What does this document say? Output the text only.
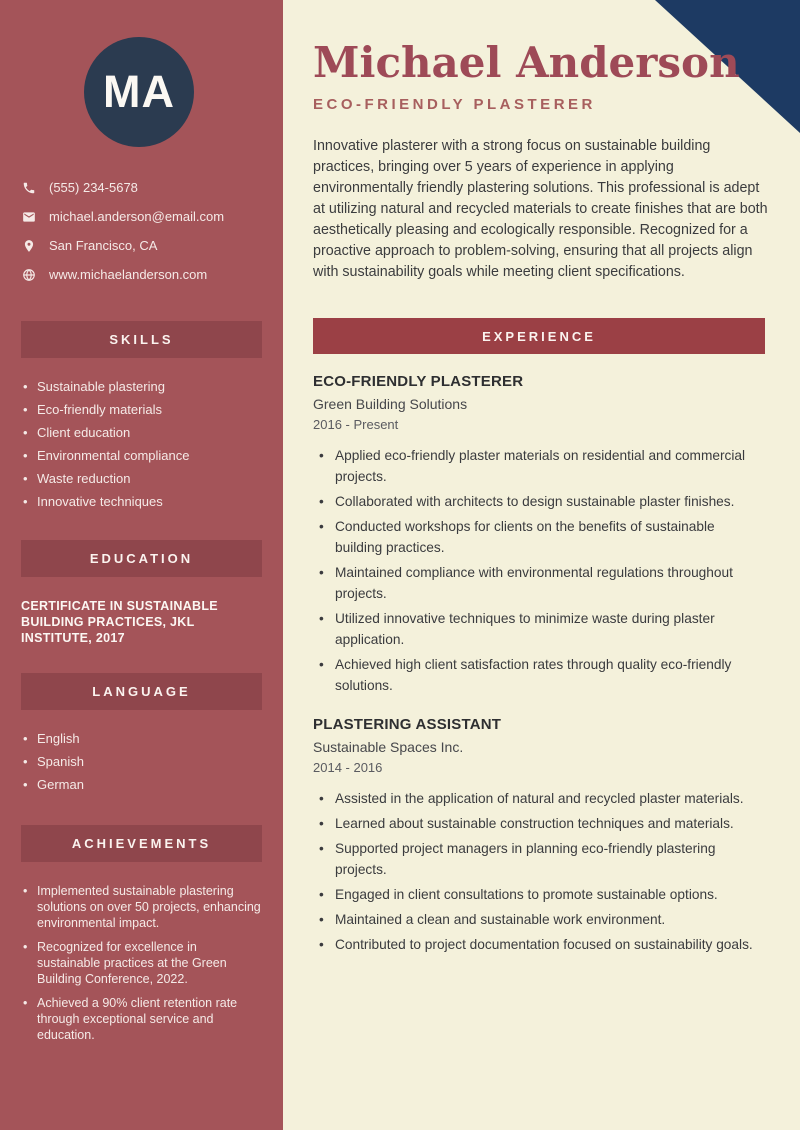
MA
(555) 234-5678
michael.anderson@email.com
San Francisco, CA
www.michaelanderson.com
SKILLS
• Sustainable plastering
• Eco-friendly materials
• Client education
• Environmental compliance
• Waste reduction
• Innovative techniques
EDUCATION

CERTIFICATE IN SUSTAINABLE BUILDING PRACTICES, JKL INSTITUTE, 2017

LANGUAGE
• English
• Spanish
• German
ACHIEVEMENTS
• Implemented sustainable plastering solutions on over 50 projects, enhancing environmental impact.
• Recognized for excellence in sustainable practices at the Green Building Conference, 2022.
• Achieved a 90% client retention rate through exceptional service and education.
Michael Anderson
ECO-FRIENDLY PLASTERER

Innovative plasterer with a strong focus on sustainable building practices, bringing over 5 years of experience in applying environmentally friendly plastering solutions. This professional is adept at utilizing natural and recycled materials to create finishes that are both aesthetically pleasing and ecologically responsible. Recognized for a proactive approach to problem-solving, ensuring that all projects align with sustainability goals while meeting client specifications.

EXPERIENCE
ECO-FRIENDLY PLASTERER
Green Building Solutions
2016 - Present
• Applied eco-friendly plaster materials on residential and commercial projects.
• Collaborated with architects to design sustainable plaster finishes.
• Conducted workshops for clients on the benefits of sustainable building practices.
• Maintained compliance with environmental regulations throughout projects.
• Utilized innovative techniques to minimize waste during plaster application.
• Achieved high client satisfaction rates through quality eco-friendly solutions.
PLASTERING ASSISTANT
Sustainable Spaces Inc.
2014 - 2016
• Assisted in the application of natural and recycled plaster materials.
• Learned about sustainable construction techniques and materials.
• Supported project managers in planning eco-friendly plastering projects.
• Engaged in client consultations to promote sustainable options.
• Maintained a clean and sustainable work environment.
• Contributed to project documentation focused on sustainability goals.
